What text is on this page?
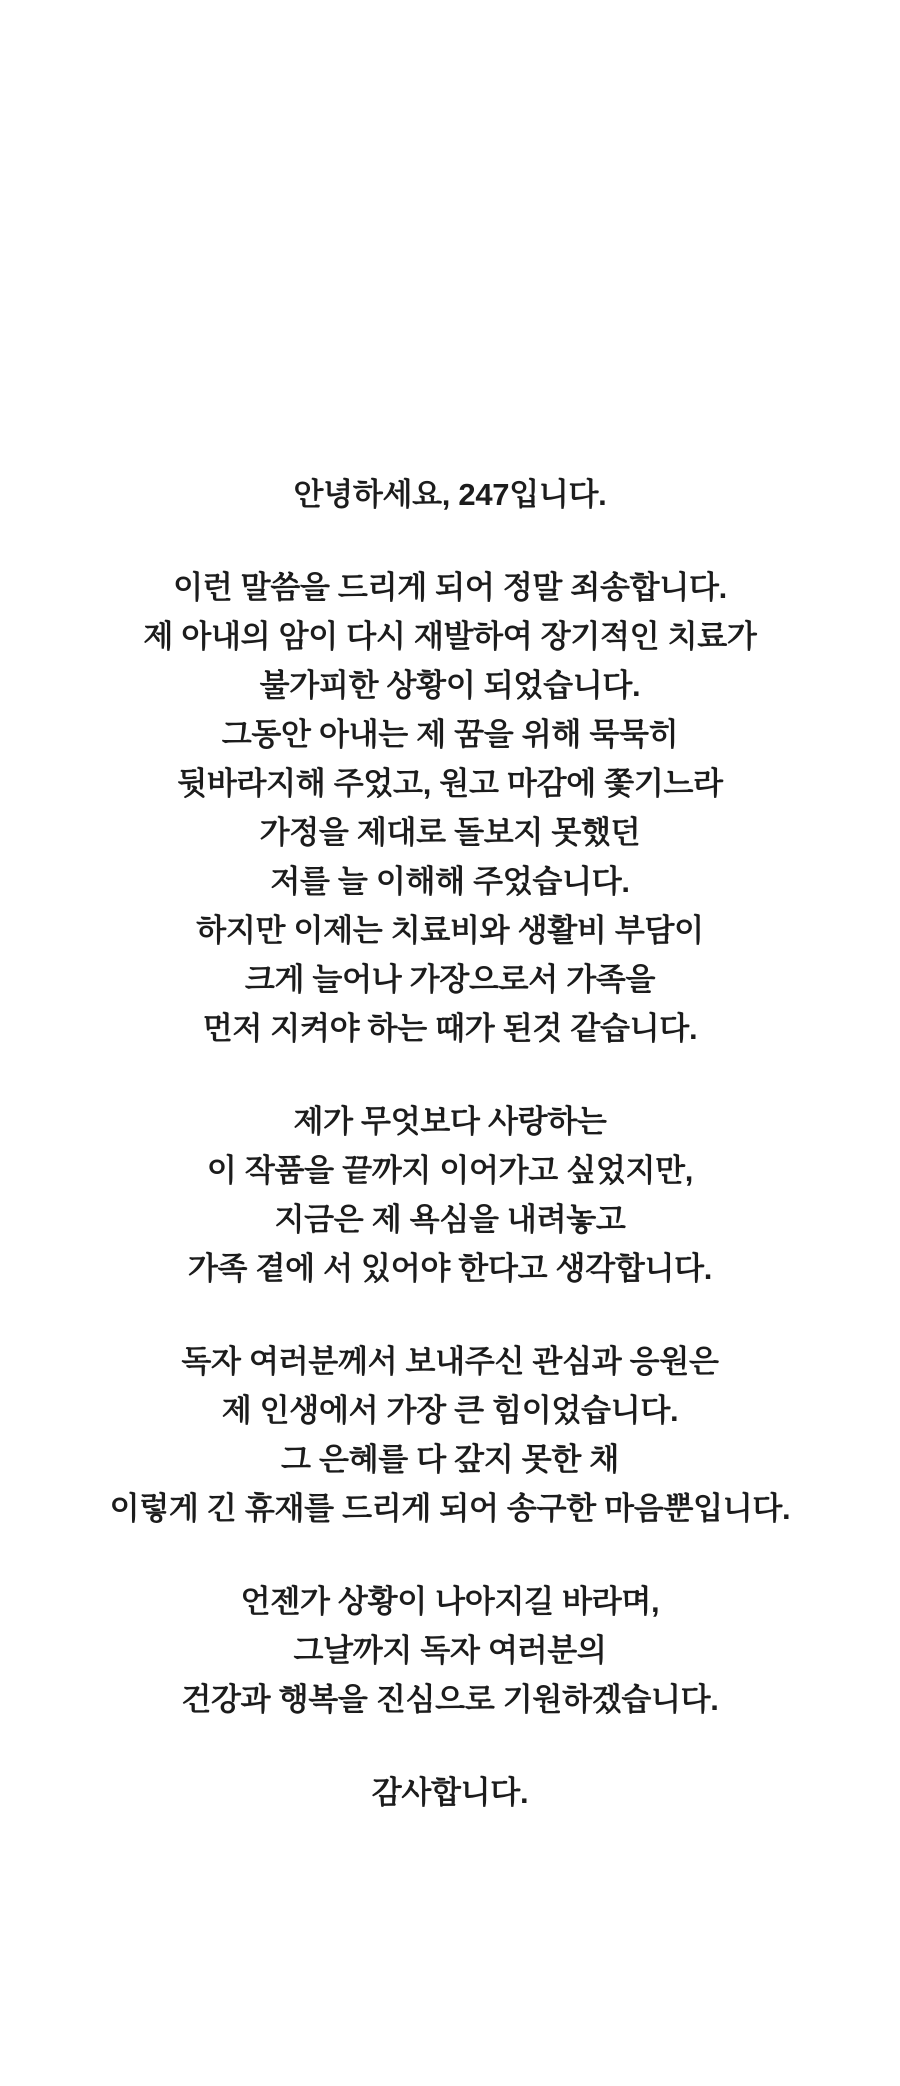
안녕하세요, 247입니다.
이런 말씀을 드리게 되어 정말 죄송합니다.
제 아내의 암이 다시 재발하여 장기적인 치료가
불가피한 상황이 되었습니다.
그동안 아내는 제 꿈을 위해 묵묵히
뒷바라지해 주었고, 원고 마감에 쫓기느라
가정을 제대로 돌보지 못했던
저를 늘 이해해 주었습니다.
하지만 이제는 치료비와 생활비 부담이
크게 늘어나 가장으로서 가족을
먼저 지켜야 하는 때가 된것 같습니다.
제가 무엇보다 사랑하는
이 작품을 끝까지 이어가고 싶었지만,
지금은 제 욕심을 내려놓고
가족 곁에 서 있어야 한다고 생각합니다.
독자 여러분께서 보내주신 관심과 응원은
제 인생에서 가장 큰 힘이었습니다.
그 은혜를 다 갚지 못한 채
이렇게 긴 휴재를 드리게 되어 송구한 마음뿐입니다.
언젠가 상황이 나아지길 바라며,
그날까지 독자 여러분의
건강과 행복을 진심으로 기원하겠습니다.
감사합니다.
